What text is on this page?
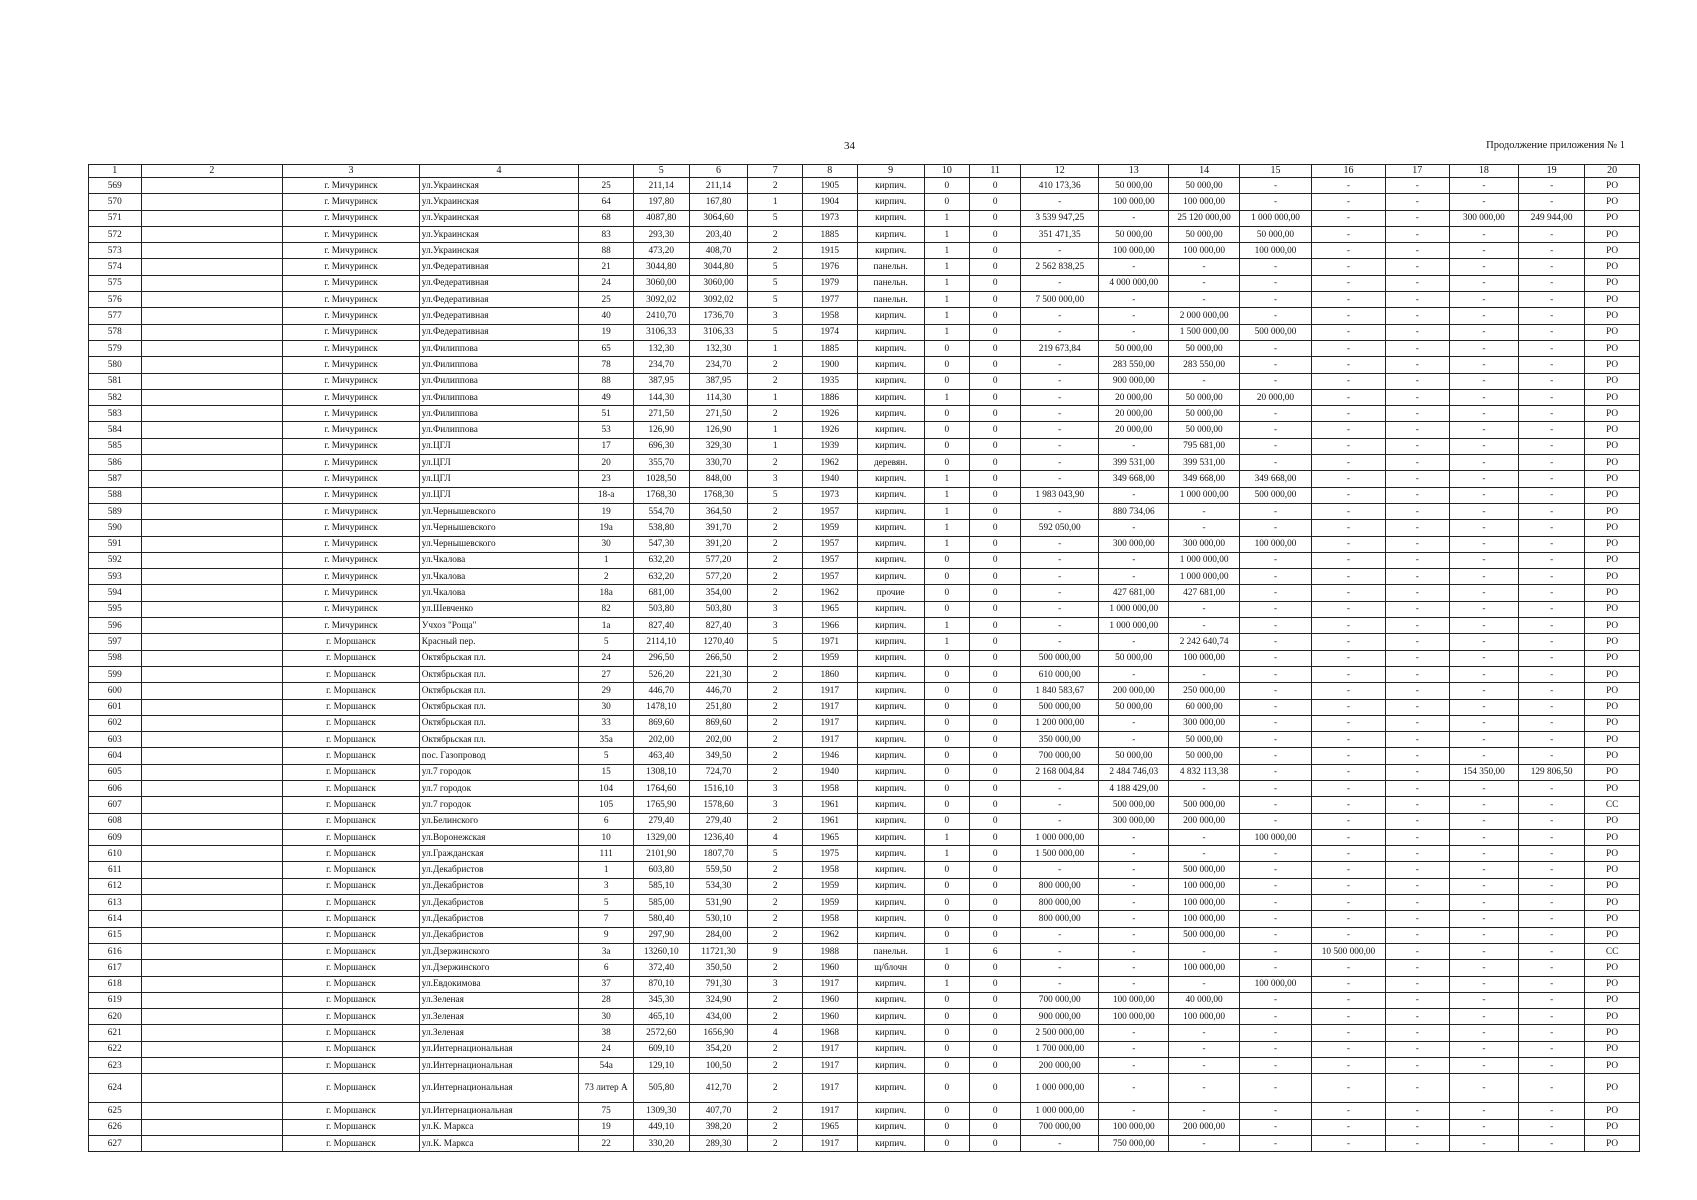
34	Продолжение приложения № 1
1	2	3	4		5	6	7	8	9	10	11	12	13	14	15	16	17	18	19	20
569		г. Мичуринск	ул.Украинская	25	211,14	211,14	2	1905	кирпич.	0	0	410 173,36	50 000,00	50 000,00	-	-	-	-	-	РО
570		г. Мичуринск	ул.Украинская	64	197,80	167,80	1	1904	кирпич.	0	0	-	100 000,00	100 000,00	-	-	-	-	-	РО
571		г. Мичуринск	ул.Украинская	68	4087,80	3064,60	5	1973	кирпич.	1	0	3 539 947,25	-	25 120 000,00	1 000 000,00	-	-	300 000,00	249 944,00	РО
572		г. Мичуринск	ул.Украинская	83	293,30	203,40	2	1885	кирпич.	1	0	351 471,35	50 000,00	50 000,00	50 000,00	-	-	-	-	РО
573		г. Мичуринск	ул.Украинская	88	473,20	408,70	2	1915	кирпич.	1	0	-	100 000,00	100 000,00	100 000,00	-	-	-	-	РО
574		г. Мичуринск	ул.Федеративная	21	3044,80	3044,80	5	1976	панельн.	1	0	2 562 838,25	-	-	-	-	-	-	-	РО
575		г. Мичуринск	ул.Федеративная	24	3060,00	3060,00	5	1979	панельн.	1	0	-	4 000 000,00	-	-	-	-	-	-	РО
576		г. Мичуринск	ул.Федеративная	25	3092,02	3092,02	5	1977	панельн.	1	0	7 500 000,00	-	-	-	-	-	-	-	РО
577		г. Мичуринск	ул.Федеративная	40	2410,70	1736,70	3	1958	кирпич.	1	0	-	-	2 000 000,00	-	-	-	-	-	РО
578		г. Мичуринск	ул.Федеративная	19	3106,33	3106,33	5	1974	кирпич.	1	0	-	-	1 500 000,00	500 000,00	-	-	-	-	РО
579		г. Мичуринск	ул.Филиппова	65	132,30	132,30	1	1885	кирпич.	0	0	219 673,84	50 000,00	50 000,00	-	-	-	-	-	РО
580		г. Мичуринск	ул.Филиппова	78	234,70	234,70	2	1900	кирпич.	0	0	-	283 550,00	283 550,00	-	-	-	-	-	РО
581		г. Мичуринск	ул.Филиппова	88	387,95	387,95	2	1935	кирпич.	0	0	-	900 000,00	-	-	-	-	-	-	РО
582		г. Мичуринск	ул.Филиппова	49	144,30	114,30	1	1886	кирпич.	1	0	-	20 000,00	50 000,00	20 000,00	-	-	-	-	РО
583		г. Мичуринск	ул.Филиппова	51	271,50	271,50	2	1926	кирпич.	0	0	-	20 000,00	50 000,00	-	-	-	-	-	РО
584		г. Мичуринск	ул.Филиппова	53	126,90	126,90	1	1926	кирпич.	0	0	-	20 000,00	50 000,00	-	-	-	-	-	РО
585		г. Мичуринск	ул.ЦГЛ	17	696,30	329,30	1	1939	кирпич.	0	0	-	-	795 681,00	-	-	-	-	-	РО
586		г. Мичуринск	ул.ЦГЛ	20	355,70	330,70	2	1962	деревян.	0	0	-	399 531,00	399 531,00	-	-	-	-	-	РО
587		г. Мичуринск	ул.ЦГЛ	23	1028,50	848,00	3	1940	кирпич.	1	0	-	349 668,00	349 668,00	349 668,00	-	-	-	-	РО
588		г. Мичуринск	ул.ЦГЛ	18-а	1768,30	1768,30	5	1973	кирпич.	1	0	1 983 043,90	-	1 000 000,00	500 000,00	-	-	-	-	РО
589		г. Мичуринск	ул.Чернышевского	19	554,70	364,50	2	1957	кирпич.	1	0	-	880 734,06	-	-	-	-	-	-	РО
590		г. Мичуринск	ул.Чернышевского	19а	538,80	391,70	2	1959	кирпич.	1	0	592 050,00	-	-	-	-	-	-	-	РО
591		г. Мичуринск	ул.Чернышевского	30	547,30	391,20	2	1957	кирпич.	1	0	-	300 000,00	300 000,00	100 000,00	-	-	-	-	РО
592		г. Мичуринск	ул.Чкалова	1	632,20	577,20	2	1957	кирпич.	0	0	-	-	1 000 000,00	-	-	-	-	-	РО
593		г. Мичуринск	ул.Чкалова	2	632,20	577,20	2	1957	кирпич.	0	0	-	-	1 000 000,00	-	-	-	-	-	РО
594		г. Мичуринск	ул.Чкалова	18а	681,00	354,00	2	1962	прочие	0	0	-	427 681,00	427 681,00	-	-	-	-	-	РО
595		г. Мичуринск	ул.Шевченко	82	503,80	503,80	3	1965	кирпич.	0	0	-	1 000 000,00	-	-	-	-	-	-	РО
596		г. Мичуринск	Учхоз "Роща"	1а	827,40	827,40	3	1966	кирпич.	1	0	-	1 000 000,00	-	-	-	-	-	-	РО
597		г. Моршанск	Красный пер.	5	2114,10	1270,40	5	1971	кирпич.	1	0	-	-	2 242 640,74	-	-	-	-	-	РО
598		г. Моршанск	Октябрьская пл.	24	296,50	266,50	2	1959	кирпич.	0	0	500 000,00	50 000,00	100 000,00	-	-	-	-	-	РО
599		г. Моршанск	Октябрьская пл.	27	526,20	221,30	2	1860	кирпич.	0	0	610 000,00	-	-	-	-	-	-	-	РО
600		г. Моршанск	Октябрьская пл.	29	446,70	446,70	2	1917	кирпич.	0	0	1 840 583,67	200 000,00	250 000,00	-	-	-	-	-	РО
601		г. Моршанск	Октябрьская пл.	30	1478,10	251,80	2	1917	кирпич.	0	0	500 000,00	50 000,00	60 000,00	-	-	-	-	-	РО
602		г. Моршанск	Октябрьская пл.	33	869,60	869,60	2	1917	кирпич.	0	0	1 200 000,00	-	300 000,00	-	-	-	-	-	РО
603		г. Моршанск	Октябрьская пл.	35а	202,00	202,00	2	1917	кирпич.	0	0	350 000,00	-	50 000,00	-	-	-	-	-	РО
604		г. Моршанск	пос. Газопровод	5	463,40	349,50	2	1946	кирпич.	0	0	700 000,00	50 000,00	50 000,00	-	-	-	-	-	РО
605		г. Моршанск	ул.7 городок	15	1308,10	724,70	2	1940	кирпич.	0	0	2 168 004,84	2 484 746,03	4 832 113,38	-	-	-	154 350,00	129 806,50	РО
606		г. Моршанск	ул.7 городок	104	1764,60	1516,10	3	1958	кирпич.	0	0	-	4 188 429,00	-	-	-	-	-	-	РО
607		г. Моршанск	ул.7 городок	105	1765,90	1578,60	3	1961	кирпич.	0	0	-	500 000,00	500 000,00	-	-	-	-	-	СС
608		г. Моршанск	ул.Белинского	6	279,40	279,40	2	1961	кирпич.	0	0	-	300 000,00	200 000,00	-	-	-	-	-	РО
609		г. Моршанск	ул.Воронежская	10	1329,00	1236,40	4	1965	кирпич.	1	0	1 000 000,00	-	-	100 000,00	-	-	-	-	РО
610		г. Моршанск	ул.Гражданская	111	2101,90	1807,70	5	1975	кирпич.	1	0	1 500 000,00	-	-	-	-	-	-	-	РО
611		г. Моршанск	ул.Декабристов	1	603,80	559,50	2	1958	кирпич.	0	0	-	-	500 000,00	-	-	-	-	-	РО
612		г. Моршанск	ул.Декабристов	3	585,10	534,30	2	1959	кирпич.	0	0	800 000,00	-	100 000,00	-	-	-	-	-	РО
613		г. Моршанск	ул.Декабристов	5	585,00	531,90	2	1959	кирпич.	0	0	800 000,00	-	100 000,00	-	-	-	-	-	РО
614		г. Моршанск	ул.Декабристов	7	580,40	530,10	2	1958	кирпич.	0	0	800 000,00	-	100 000,00	-	-	-	-	-	РО
615		г. Моршанск	ул.Декабристов	9	297,90	284,00	2	1962	кирпич.	0	0	-	-	500 000,00	-	-	-	-	-	РО
616		г. Моршанск	ул.Дзержинского	3а	13260,10	11721,30	9	1988	панельн.	1	6	-	-	-	-	10 500 000,00	-	-	-	СС
617		г. Моршанск	ул.Дзержинского	6	372,40	350,50	2	1960	щ/блочн	0	0	-	-	100 000,00	-	-	-	-	-	РО
618		г. Моршанск	ул.Евдокимова	37	870,10	791,30	3	1917	кирпич.	1	0	-	-	-	100 000,00	-	-	-	-	РО
619		г. Моршанск	ул.Зеленая	28	345,30	324,90	2	1960	кирпич.	0	0	700 000,00	100 000,00	40 000,00	-	-	-	-	-	РО
620		г. Моршанск	ул.Зеленая	30	465,10	434,00	2	1960	кирпич.	0	0	900 000,00	100 000,00	100 000,00	-	-	-	-	-	РО
621		г. Моршанск	ул.Зеленая	38	2572,60	1656,90	4	1968	кирпич.	0	0	2 500 000,00	-	-	-	-	-	-	-	РО
622		г. Моршанск	ул.Интернациональная	24	609,10	354,20	2	1917	кирпич.	0	0	1 700 000,00	-	-	-	-	-	-	-	РО
623		г. Моршанск	ул.Интернациональная	54а	129,10	100,50	2	1917	кирпич.	0	0	200 000,00	-	-	-	-	-	-	-	РО
624		г. Моршанск	ул.Интернациональная	73 литер А	505,80	412,70	2	1917	кирпич.	0	0	1 000 000,00	-	-	-	-	-	-	-	РО
625		г. Моршанск	ул.Интернациональная	75	1309,30	407,70	2	1917	кирпич.	0	0	1 000 000,00	-	-	-	-	-	-	-	РО
626		г. Моршанск	ул.К. Маркса	19	449,10	398,20	2	1965	кирпич.	0	0	700 000,00	100 000,00	200 000,00	-	-	-	-	-	РО
627		г. Моршанск	ул.К. Маркса	22	330,20	289,30	2	1917	кирпич.	0	0	-	750 000,00	-	-	-	-	-	-	РО
